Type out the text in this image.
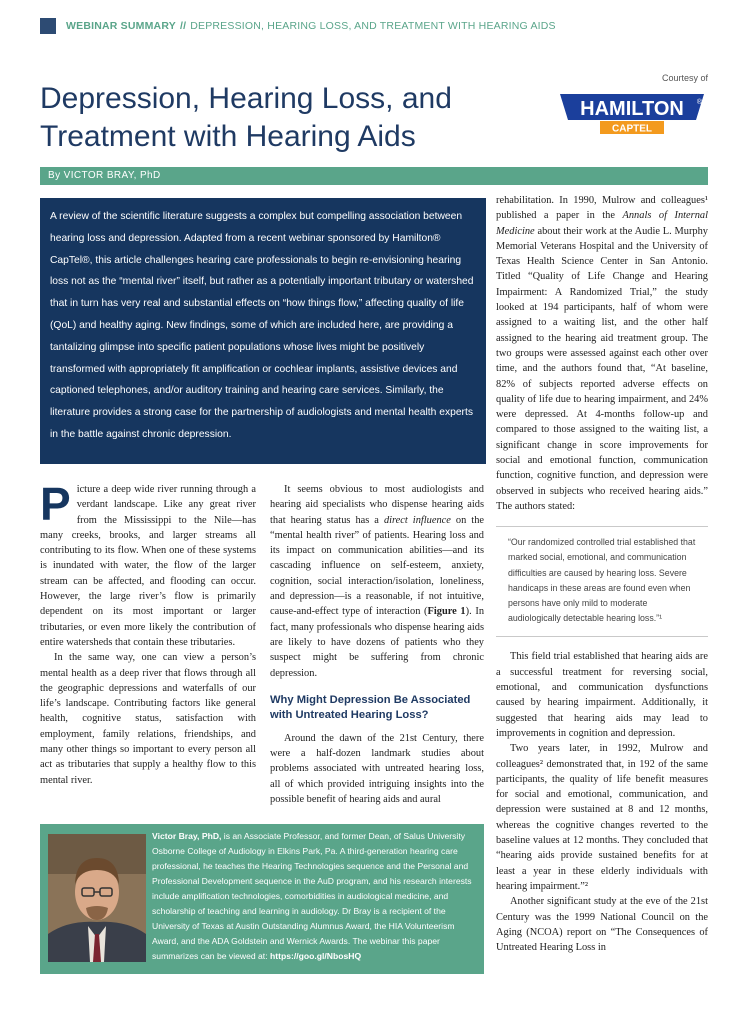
WEBINAR SUMMARY // DEPRESSION, HEARING LOSS, AND TREATMENT WITH HEARING AIDS
Courtesy of
HAMILTON
CAPTEL
®
Depression, Hearing Loss, and Treatment with Hearing Aids
By VICTOR BRAY, PhD
A review of the scientific literature suggests a complex but compelling association between hearing loss and depression. Adapted from a recent webinar sponsored by Hamilton® CapTel®, this article challenges hearing care professionals to begin re-envisioning hearing loss not as the “mental river” itself, but rather as a potentially important tributary or watershed that in turn has very real and substantial effects on “how things flow,” affecting quality of life (QoL) and healthy aging. New findings, some of which are included here, are providing a tantalizing glimpse into specific patient populations whose lives might be positively transformed with appropriately fit amplification or cochlear implants, assistive devices and captioned telephones, and/or auditory training and hearing care services. Similarly, the literature provides a strong case for the partnership of audiologists and mental health experts in the battle against chronic depression.

Picture a deep wide river running through a verdant landscape. Like any great river from the Mississippi to the Nile—has many creeks, brooks, and larger streams all contributing to its flow. When one of these systems is inundated with water, the flow of the larger stream can be affected, and flooding can occur. However, the large river’s flow is primarily dependent on its most important or larger tributaries, or even more likely the contribution of entire watersheds that contain these tributaries.

In the same way, one can view a person’s mental health as a deep river that flows through all the geographic depressions and waterfalls of our life’s landscape. Contributing factors like general health, cognitive status, satisfaction with employment, family relations, friendships, and many other things so important to every person all act as tributaries that supply a healthy flow to this mental river.

It seems obvious to most audiologists and hearing aid specialists who dispense hearing aids that hearing status has a direct influence on the “mental health river” of patients. Hearing loss and its impact on communication abilities—and its cascading influence on self-esteem, anxiety, cognition, social interaction/isolation, loneliness, and depression—is a reasonable, if not intuitive, cause-and-effect type of interaction (Figure 1). In fact, many professionals who dispense hearing aids are likely to have dozens of patients who they suspect might be suffering from chronic depression.

Why Might Depression Be Associated with Untreated Hearing Loss?

Around the dawn of the 21st Century, there were a half-dozen landmark studies about problems associated with untreated hearing loss, all of which provided intriguing insights into the possible benefit of hearing aids and aural

rehabilitation. In 1990, Mulrow and colleagues¹ published a paper in the Annals of Internal Medicine about their work at the Audie L. Murphy Memorial Veterans Hospital and the University of Texas Health Science Center in San Antonio. Titled “Quality of Life Change and Hearing Impairment: A Randomized Trial,” the study looked at 194 participants, half of whom were assigned to a waiting list, and the other half assigned to the hearing aid treatment group. The two groups were assessed against each other over time, and the authors found that, “At baseline, 82% of subjects reported adverse effects on quality of life due to hearing impairment, and 24% were depressed. At 4-months follow-up and compared to those assigned to the waiting list, a significant change in score improvements for social and emotional function, communication function, cognitive function, and depression were observed in subjects who received hearing aids.” The authors stated:

“Our randomized controlled trial established that marked social, emotional, and communication difficulties are caused by hearing loss. Severe handicaps in these areas are found even when persons have only mild to moderate audiologically detectable hearing loss.”¹

This field trial established that hearing aids are a successful treatment for reversing social, emotional, and communication dysfunctions caused by hearing impairment. Additionally, it suggested that hearing aids may lead to improvements in cognition and depression.

Two years later, in 1992, Mulrow and colleagues² demonstrated that, in 192 of the same participants, the quality of life benefit measures for social and emotional, communication, and depression were sustained at 8 and 12 months, whereas the cognitive changes reverted to the baseline values at 12 months. They concluded that “hearing aids provide sustained benefits for at least a year in these elderly individuals with hearing impairment.”²

Another significant study at the eve of the 21st Century was the 1999 National Council on the Aging (NCOA) report on “The Consequences of Untreated Hearing Loss in

Victor Bray, PhD, is an Associate Professor, and former Dean, of Salus University Osborne College of Audiology in Elkins Park, Pa. A third-generation hearing care professional, he teaches the Hearing Technologies sequence and the Personal and Professional Development sequence in the AuD program, and his research interests include amplification technologies, comorbidities in audiological medicine, and scholarship of teaching and learning in audiology. Dr Bray is a recipient of the University of Texas at Austin Outstanding Alumnus Award, the HIA Volunteerism Award, and the ADA Goldstein and Wernick Awards. The webinar this paper summarizes can be viewed at: https://goo.gl/NbosHQ
